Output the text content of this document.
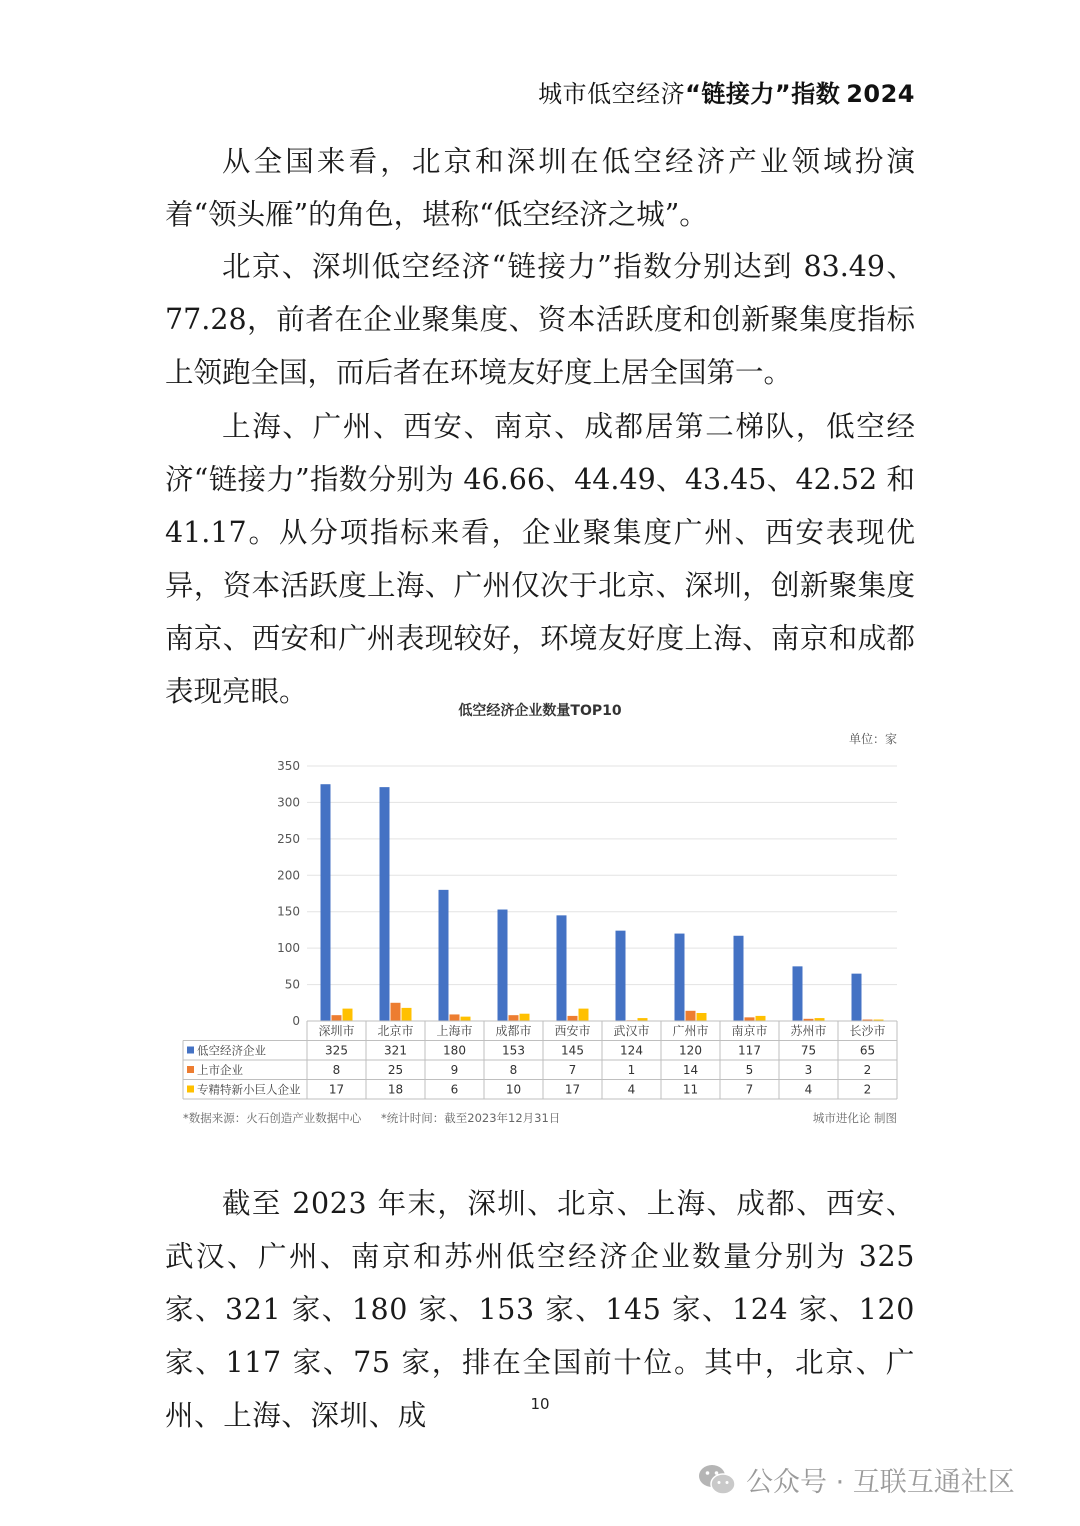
城市低空经济“链接力”指数 2024

从全国来看，北京和深圳在低空经济产业领域扮演着“领头雁”的角色，堪称“低空经济之城”。

北京、深圳低空经济“链接力”指数分别达到 83.49、77.28，前者在企业聚集度、资本活跃度和创新聚集度指标上领跑全国，而后者在环境友好度上居全国第一。

上海、广州、西安、南京、成都居第二梯队，低空经济“链接力”指数分别为 46.66、44.49、43.45、42.52 和 41.17。从分项指标来看，企业聚集度广州、西安表现优异，资本活跃度上海、广州仅次于北京、深圳，创新聚集度南京、西安和广州表现较好，环境友好度上海、南京和成都表现亮眼。

0
50
100
150
200
250
300
350
深圳市 北京市 上海市 成都市 西安市 武汉市 广州市 南京市 苏州市 长沙市
低空经济企业	325	321	180	153	145	124	120	117	75	65
上市企业	8	25	9	8	7	1	14	5	3	2
专精特新小巨人企业 17	18	6	10	17	4	11	7	4	2
低空经济企业数量TOP10
单位：家
*数据来源：火石创造产业数据中心 *统计时间：截至2023年12月31日	城市进化论 制图

截至 2023 年末，深圳、北京、上海、成都、西安、武汉、广州、南京和苏州低空经济企业数量分别为 325 家、321 家、180 家、153 家、145 家、124 家、120 家、117 家、75 家，排在全国前十位。其中，北京、广州、上海、深圳、成	10
公众号 · 互联互通社区
